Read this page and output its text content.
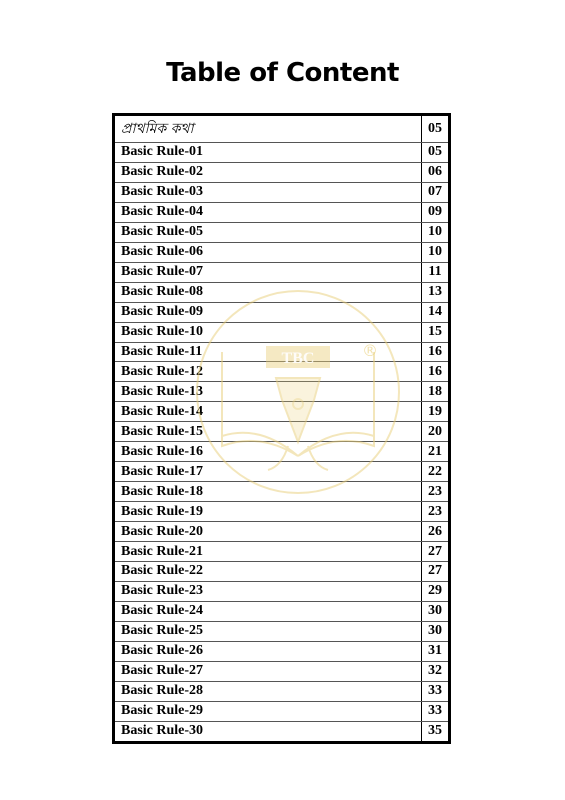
Table of Content
প্রাথমিক কথা	05
Basic Rule-01	05
Basic Rule-02	06
Basic Rule-03	07
Basic Rule-04	09
Basic Rule-05	10
Basic Rule-06	10
Basic Rule-07	11
Basic Rule-08	13
Basic Rule-09	14
Basic Rule-10	15
Basic Rule-11	16
Basic Rule-12	16
Basic Rule-13	18
Basic Rule-14	19
Basic Rule-15	20
Basic Rule-16	21
Basic Rule-17	22
Basic Rule-18	23
Basic Rule-19	23
Basic Rule-20	26
Basic Rule-21	27
Basic Rule-22	27
Basic Rule-23	29
Basic Rule-24	30
Basic Rule-25	30
Basic Rule-26	31
Basic Rule-27	32
Basic Rule-28	33
Basic Rule-29	33
Basic Rule-30	35
TBC	®
